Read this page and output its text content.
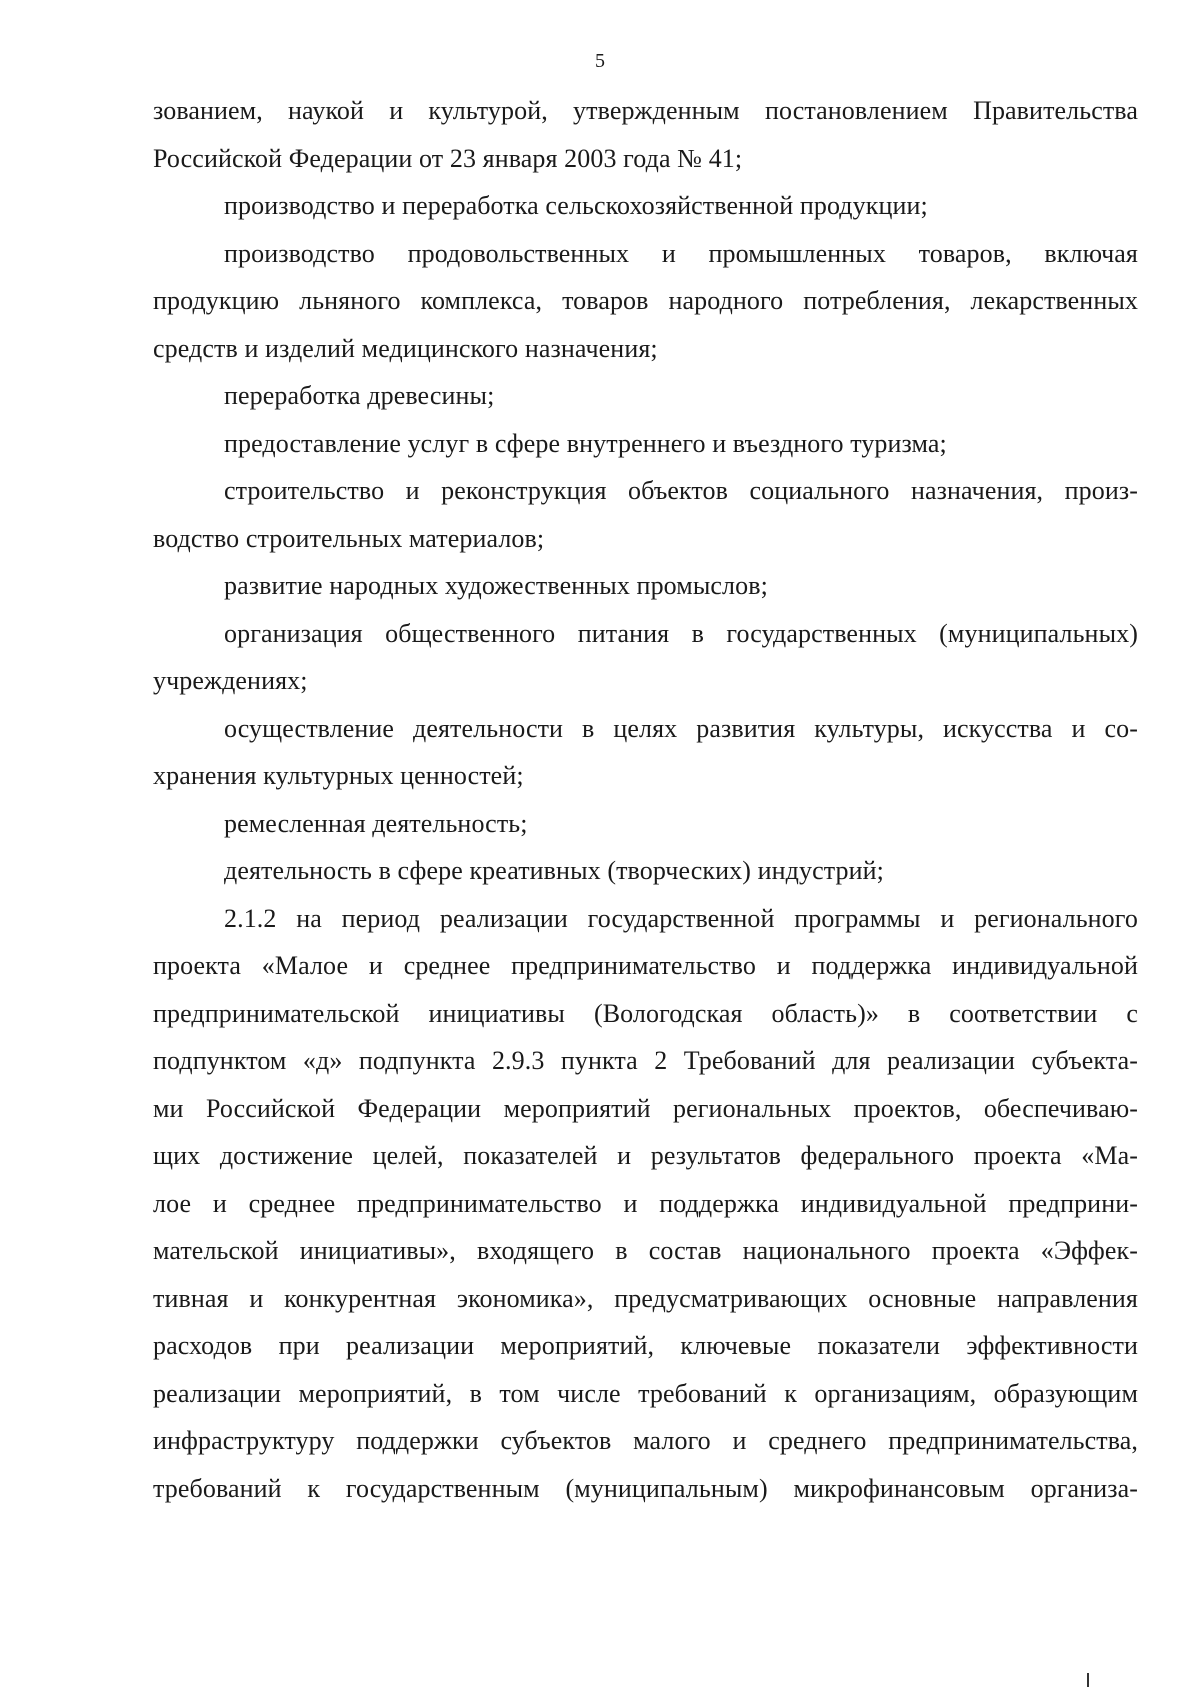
5
зованием, наукой и культурой, утвержденным постановлением Правительства
Российской Федерации от 23 января 2003 года № 41;
производство и переработка сельскохозяйственной продукции;
производство продовольственных и промышленных товаров, включая
продукцию льняного комплекса, товаров народного потребления, лекарственных
средств и изделий медицинского назначения;
переработка древесины;
предоставление услуг в сфере внутреннего и въездного туризма;
строительство и реконструкция объектов социального назначения, произ-
водство строительных материалов;
развитие народных художественных промыслов;
организация общественного питания в государственных (муниципальных)
учреждениях;
осуществление деятельности в целях развития культуры, искусства и со-
хранения культурных ценностей;
ремесленная деятельность;
деятельность в сфере креативных (творческих) индустрий;
2.1.2 на период реализации государственной программы и регионального
проекта «Малое и среднее предпринимательство и поддержка индивидуальной
предпринимательской инициативы (Вологодская область)» в соответствии с
подпунктом «д» подпункта 2.9.3 пункта 2 Требований для реализации субъекта-
ми Российской Федерации мероприятий региональных проектов, обеспечиваю-
щих достижение целей, показателей и результатов федерального проекта «Ма-
лое и среднее предпринимательство и поддержка индивидуальной предприни-
мательской инициативы», входящего в состав национального проекта «Эффек-
тивная и конкурентная экономика», предусматривающих основные направления
расходов при реализации мероприятий, ключевые показатели эффективности
реализации мероприятий, в том числе требований к организациям, образующим
инфраструктуру поддержки субъектов малого и среднего предпринимательства,
требований к государственным (муниципальным) микрофинансовым организа-
